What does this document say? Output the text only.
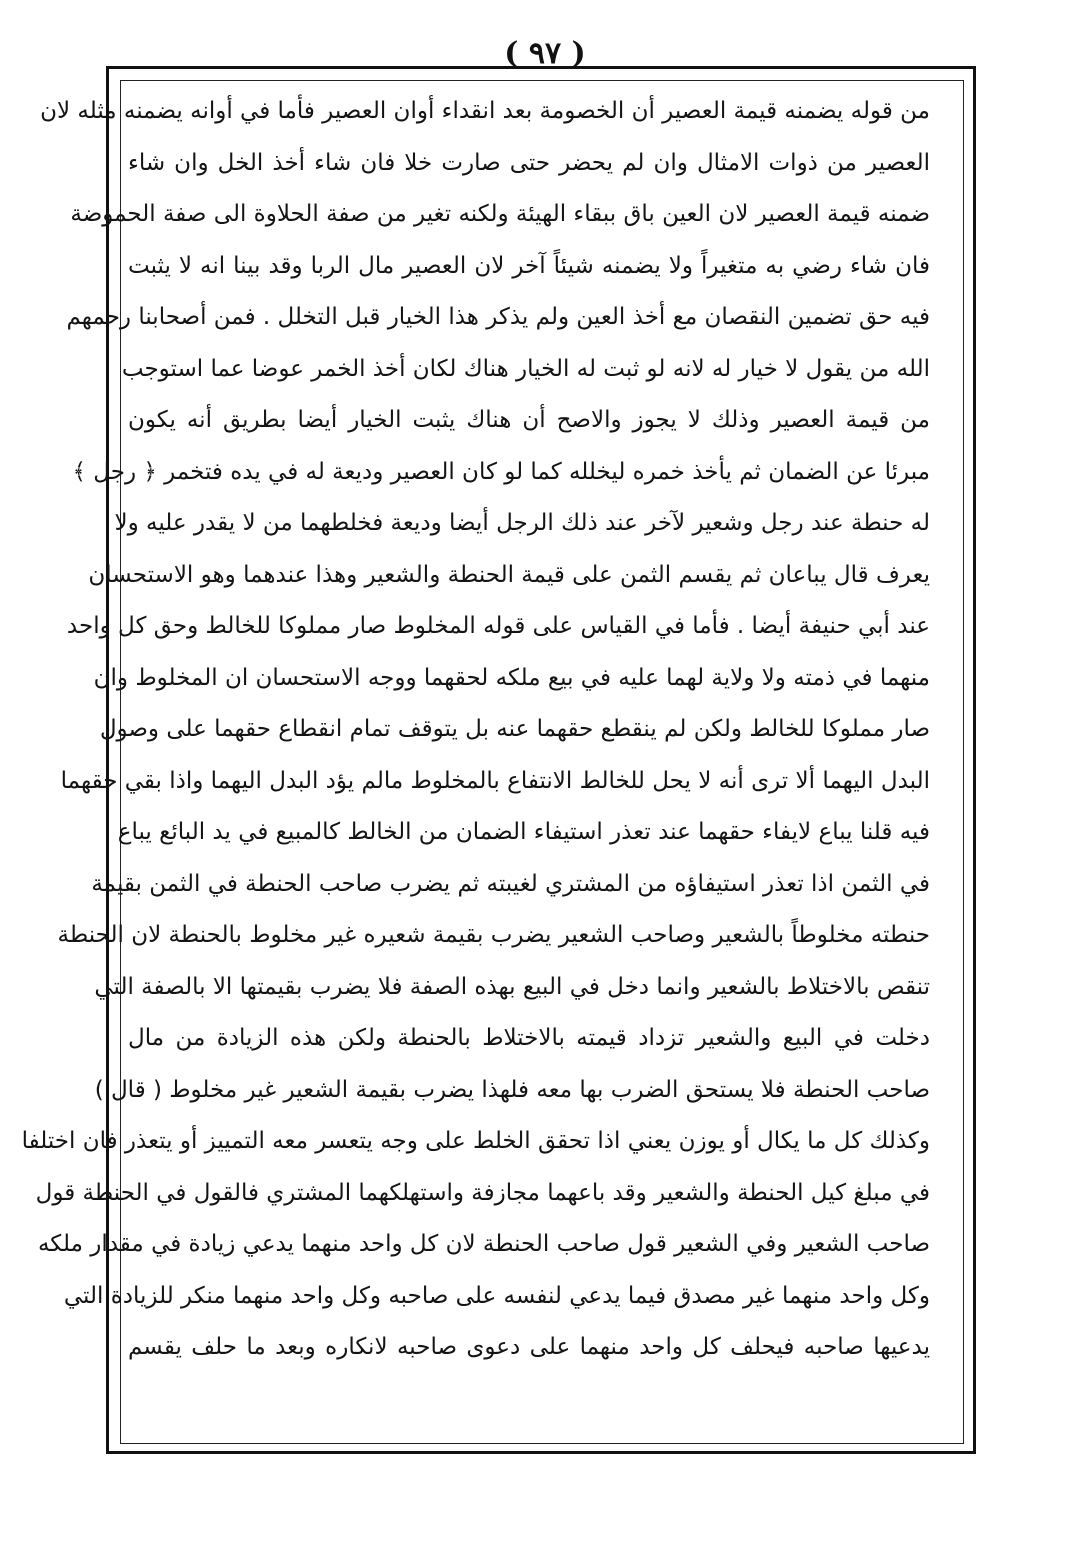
( ٩٧ )
من قوله يضمنه قيمة العصير أن الخصومة بعد انقداء أوان العصير فأما في أوانه يضمنه مثله لان
العصير من ذوات الامثال وان لم يحضر حتى صارت خلا فان شاء أخذ الخل وان شاء
ضمنه قيمة العصير لان العين باق ببقاء الهيئة ولكنه تغير من صفة الحلاوة الى صفة الحموضة
فان شاء رضي به متغيراً ولا يضمنه شيئاً آخر لان العصير مال الربا وقد بينا انه لا يثبت
فيه حق تضمين النقصان مع أخذ العين ولم يذكر هذا الخيار قبل التخلل . فمن أصحابنا رحمهم
الله من يقول لا خيار له لانه لو ثبت له الخيار هناك لكان أخذ الخمر عوضا عما استوجب
من قيمة العصير وذلك لا يجوز والاصح أن هناك يثبت الخيار أيضا بطريق أنه يكون
مبرئا عن الضمان ثم يأخذ خمره ليخلله كما لو كان العصير وديعة له في يده فتخمر ﴿ رجل ﴾
له حنطة عند رجل وشعير لآخر عند ذلك الرجل أيضا وديعة فخلطهما من لا يقدر عليه ولا
يعرف قال يباعان ثم يقسم الثمن على قيمة الحنطة والشعير وهذا عندهما وهو الاستحسان
عند أبي حنيفة أيضا . فأما في القياس على قوله المخلوط صار مملوكا للخالط وحق كل واحد
منهما في ذمته ولا ولاية لهما عليه في بيع ملكه لحقهما ووجه الاستحسان ان المخلوط وان
صار مملوكا للخالط ولكن لم ينقطع حقهما عنه بل يتوقف تمام انقطاع حقهما على وصول
البدل اليهما ألا ترى أنه لا يحل للخالط الانتفاع بالمخلوط مالم يؤد البدل اليهما واذا بقي حقهما
فيه قلنا يباع لايفاء حقهما عند تعذر استيفاء الضمان من الخالط كالمبيع في يد البائع يباع
في الثمن اذا تعذر استيفاؤه من المشتري لغيبته ثم يضرب صاحب الحنطة في الثمن بقيمة
حنطته مخلوطاً بالشعير وصاحب الشعير يضرب بقيمة شعيره غير مخلوط بالحنطة لان الحنطة
تنقص بالاختلاط بالشعير وانما دخل في البيع بهذه الصفة فلا يضرب بقيمتها الا بالصفة التي
دخلت في البيع والشعير تزداد قيمته بالاختلاط بالحنطة ولكن هذه الزيادة من مال
صاحب الحنطة فلا يستحق الضرب بها معه فلهذا يضرب بقيمة الشعير غير مخلوط ( قال )
وكذلك كل ما يكال أو يوزن يعني اذا تحقق الخلط على وجه يتعسر معه التمييز أو يتعذر فان اختلفا
في مبلغ كيل الحنطة والشعير وقد باعهما مجازفة واستهلكهما المشتري فالقول في الحنطة قول
صاحب الشعير وفي الشعير قول صاحب الحنطة لان كل واحد منهما يدعي زيادة في مقدار ملكه
وكل واحد منهما غير مصدق فيما يدعي لنفسه على صاحبه وكل واحد منهما منكر للزيادة التي
يدعيها صاحبه فيحلف كل واحد منهما على دعوى صاحبه لانكاره وبعد ما حلف يقسم
